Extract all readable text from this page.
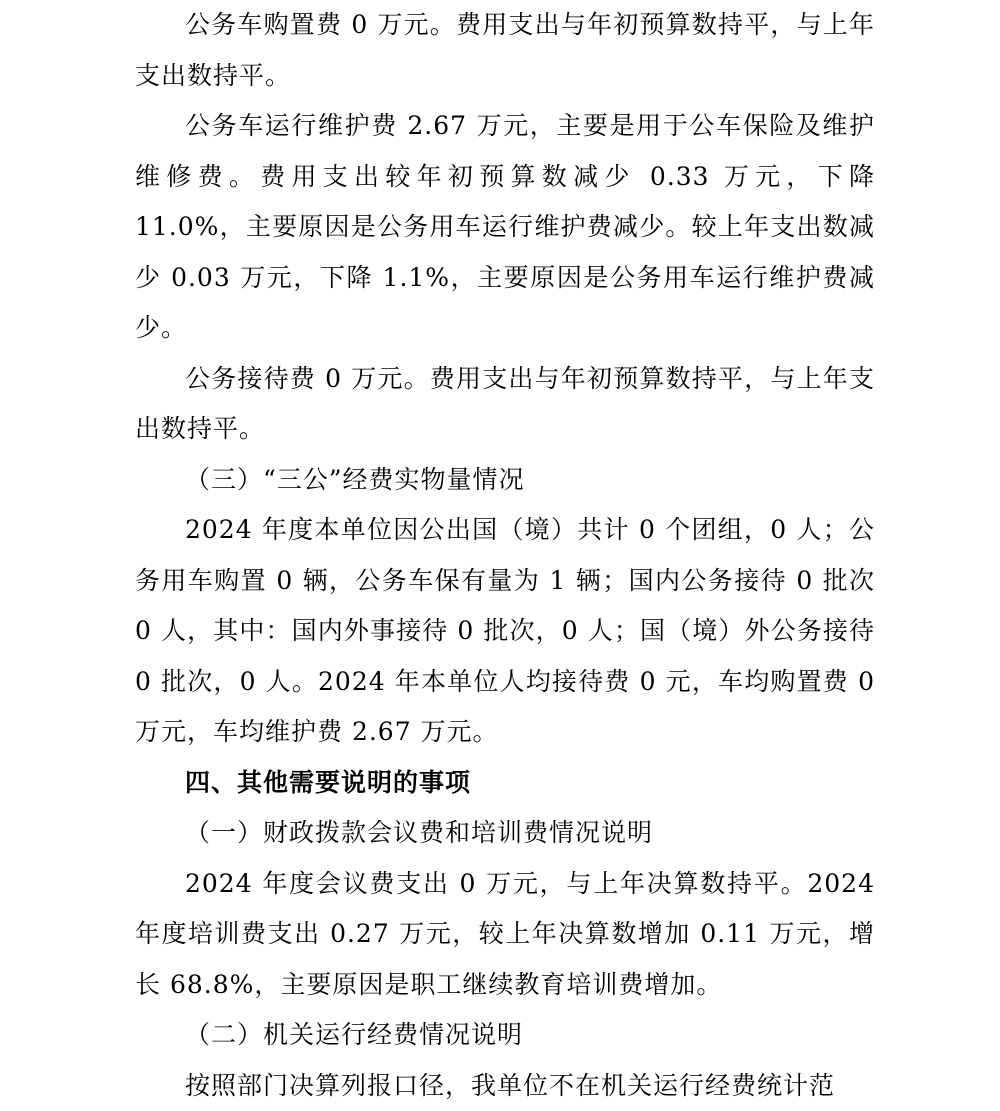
公务车购置费 0 万元。费用支出与年初预算数持平，与上年支出数持平。

公务车运行维护费 2.67 万元，主要是用于公车保险及维护维修费。费用支出较年初预算数减少 0.33 万元，下降 11.0%，主要原因是公务用车运行维护费减少。较上年支出数减少 0.03 万元，下降 1.1%，主要原因是公务用车运行维护费减少。

公务接待费 0 万元。费用支出与年初预算数持平，与上年支出数持平。

（三）“三公”经费实物量情况

2024 年度本单位因公出国（境）共计 0 个团组，0 人；公务用车购置 0 辆，公务车保有量为 1 辆；国内公务接待 0 批次 0 人，其中：国内外事接待 0 批次，0 人；国（境）外公务接待 0 批次，0 人。2024 年本单位人均接待费 0 元，车均购置费 0 万元，车均维护费 2.67 万元。

四、其他需要说明的事项

（一）财政拨款会议费和培训费情况说明

2024 年度会议费支出 0 万元，与上年决算数持平。2024 年度培训费支出 0.27 万元，较上年决算数增加 0.11 万元，增长 68.8%，主要原因是职工继续教育培训费增加。

（二）机关运行经费情况说明

按照部门决算列报口径，我单位不在机关运行经费统计范
